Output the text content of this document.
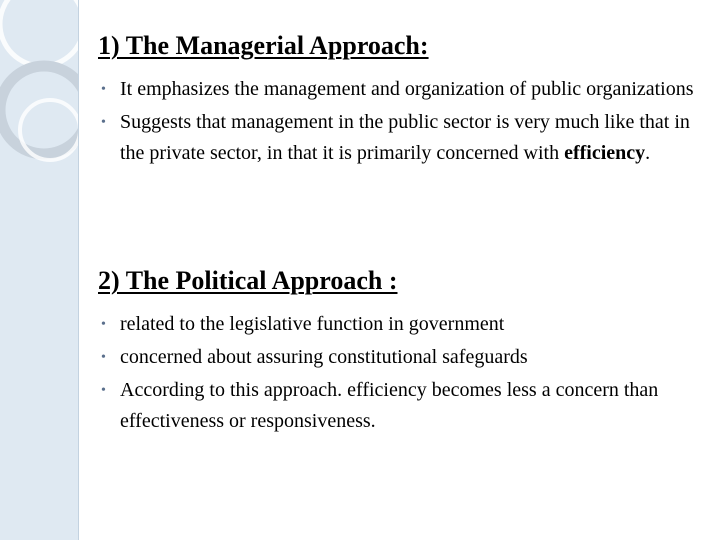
1) The Managerial Approach:
• It emphasizes the management and organization of public organizations
• Suggests that management in the public sector is very much like that in the private sector, in that it is primarily concerned with efficiency.
2) The Political Approach :
• related to the legislative function in government
• concerned about assuring constitutional safeguards
• According to this approach. efficiency becomes less a concern than effectiveness or responsiveness.
